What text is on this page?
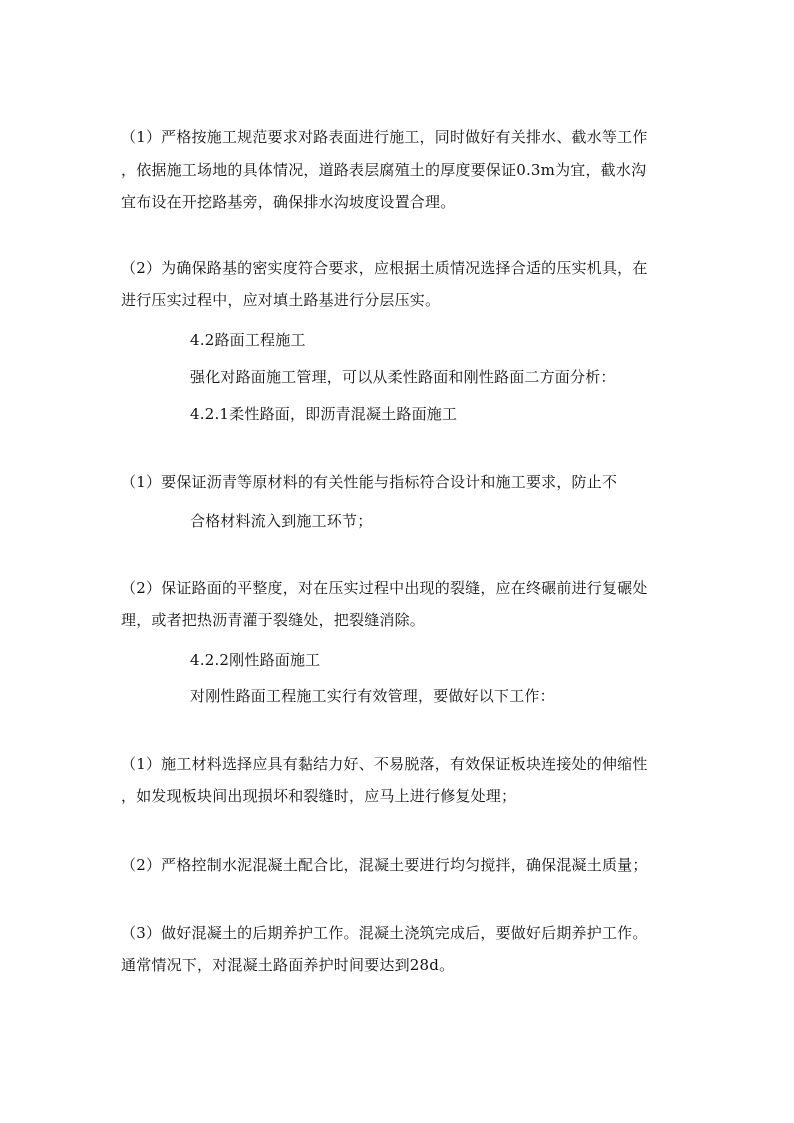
（1）严格按施工规范要求对路表面进行施工，同时做好有关排水、截水等工作
，依据施工场地的具体情况，道路表层腐殖土的厚度要保证0.3m为宜，截水沟
宜布设在开挖路基旁，确保排水沟坡度设置合理。
（2）为确保路基的密实度符合要求，应根据土质情况选择合适的压实机具，在
进行压实过程中，应对填土路基进行分层压实。
4.2路面工程施工
强化对路面施工管理，可以从柔性路面和刚性路面二方面分析：
4.2.1柔性路面，即沥青混凝土路面施工
（1）要保证沥青等原材料的有关性能与指标符合设计和施工要求，防止不
合格材料流入到施工环节；
（2）保证路面的平整度，对在压实过程中出现的裂缝，应在终碾前进行复碾处
理，或者把热沥青灌于裂缝处，把裂缝消除。
4.2.2刚性路面施工
对刚性路面工程施工实行有效管理，要做好以下工作：
（1）施工材料选择应具有黏结力好、不易脱落，有效保证板块连接处的伸缩性
，如发现板块间出现损坏和裂缝时，应马上进行修复处理；
（2）严格控制水泥混凝土配合比，混凝土要进行均匀搅拌，确保混凝土质量；
（3）做好混凝土的后期养护工作。混凝土浇筑完成后，要做好后期养护工作。
通常情况下，对混凝土路面养护时间要达到28d。
